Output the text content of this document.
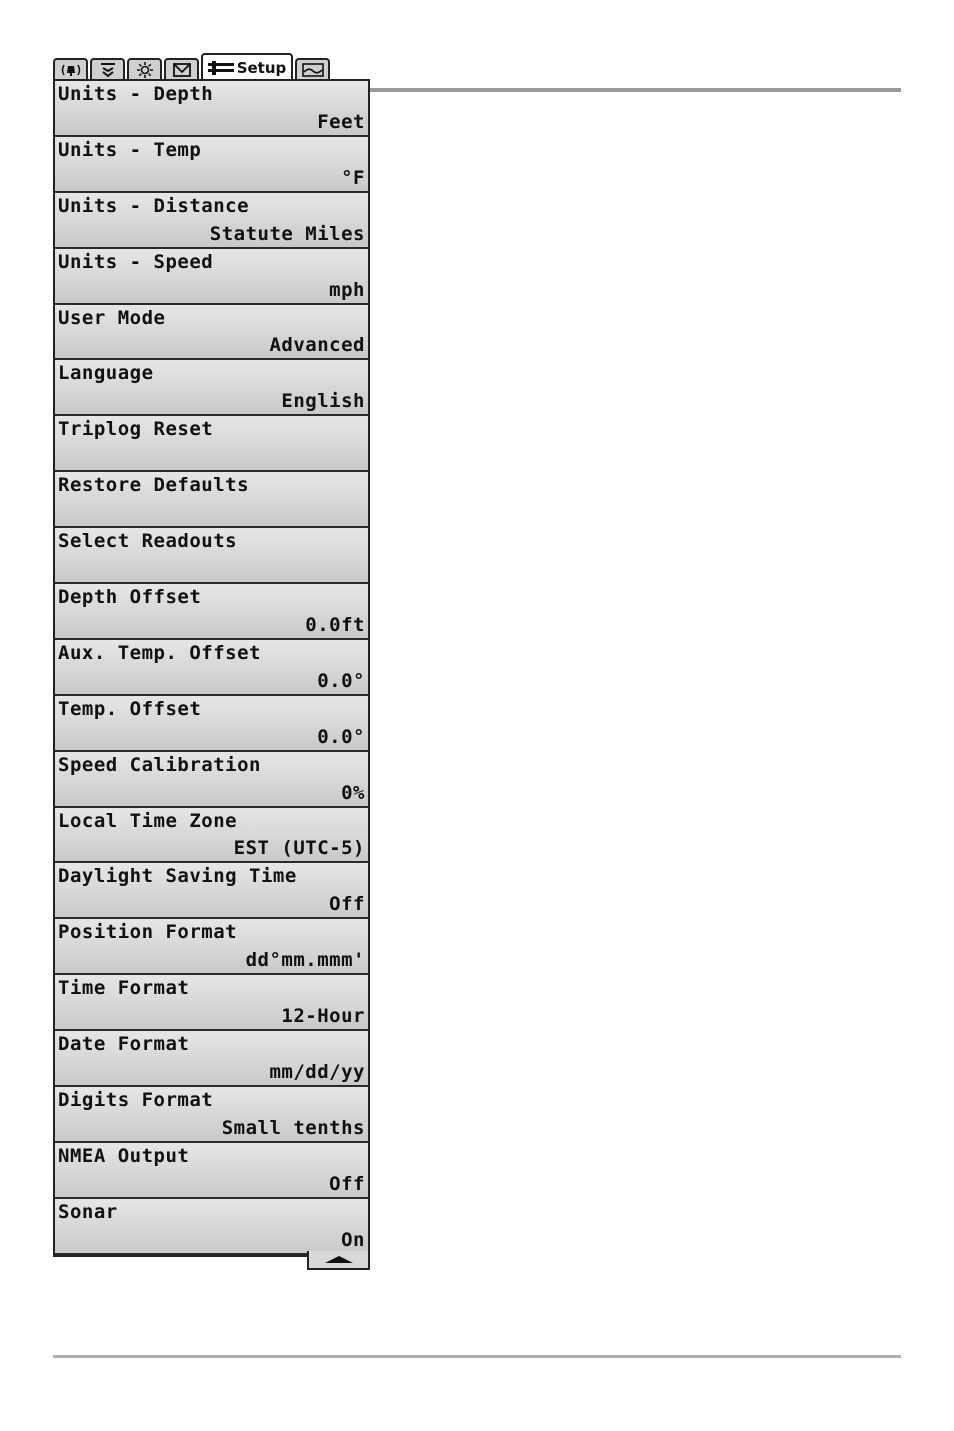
Setup
Units - Depth
Feet
Units - Temp
°F
Units - Distance
Statute Miles
Units - Speed
mph
User Mode
Advanced
Language
English
Triplog Reset
Restore Defaults
Select Readouts
Depth Offset
0.0ft
Aux. Temp. Offset
0.0°
Temp. Offset
0.0°
Speed Calibration
0%
Local Time Zone
EST (UTC-5)
Daylight Saving Time
Off
Position Format
dd°mm.mmm'
Time Format
12-Hour
Date Format
mm/dd/yy
Digits Format
Small tenths
NMEA Output
Off
Sonar
On
